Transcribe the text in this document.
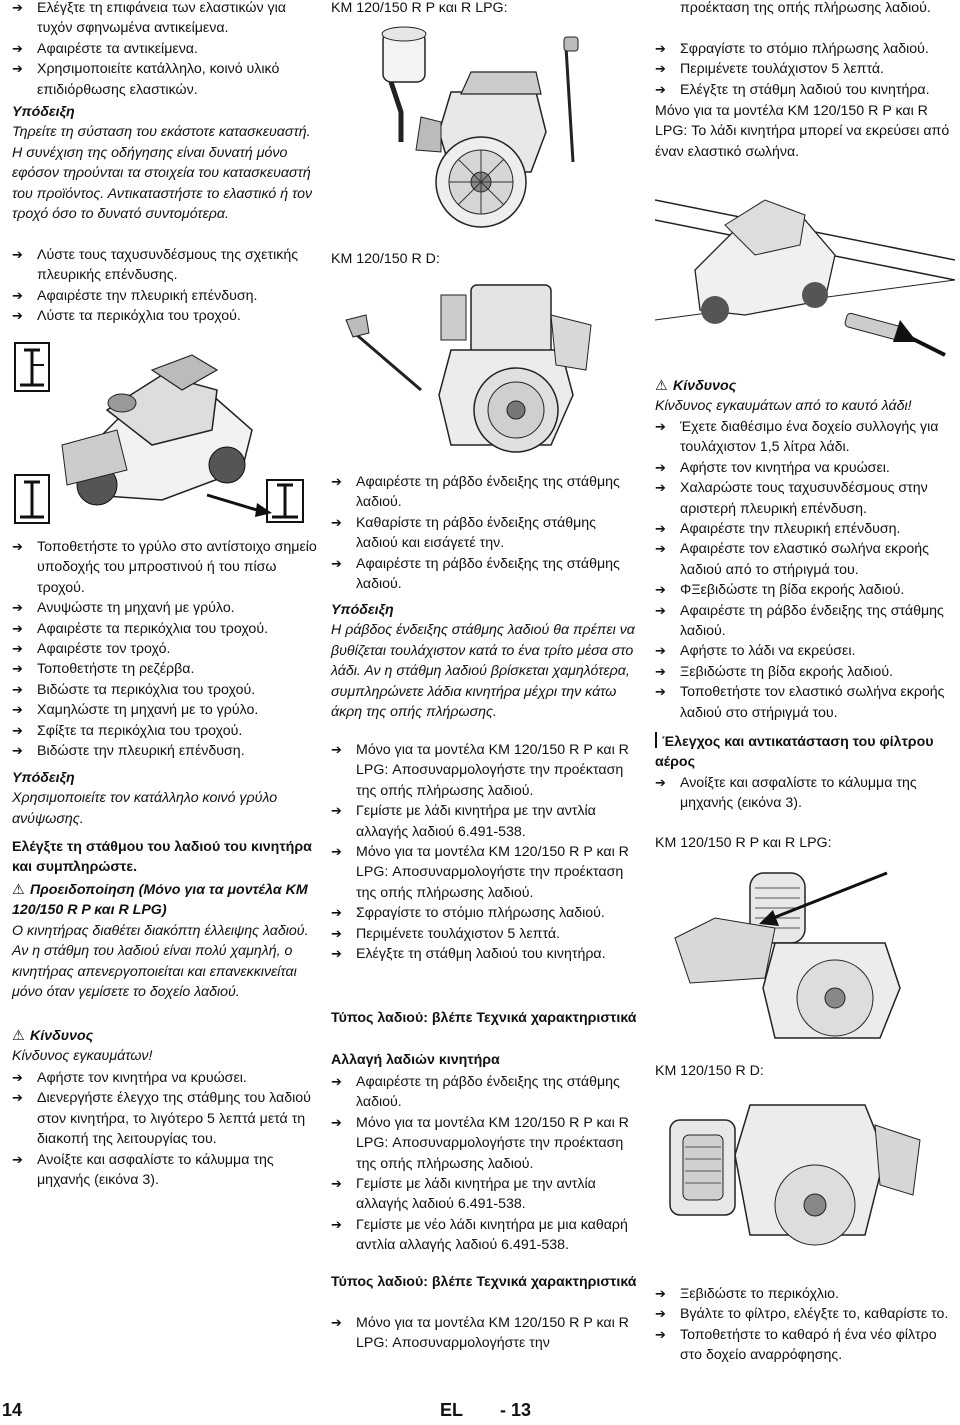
➔ Ελέγξτε τη επιφάνεια των ελαστικών για τυχόν σφηνωμένα αντικείμενα.

➔ Αφαιρέστε τα αντικείμενα.

➔ Χρησιμοποιείτε κατάλληλο, κοινό υλικό επιδιόρθωσης ελαστικών.

Υπόδειξη

Τηρείτε τη σύσταση του εκάστοτε κατασκευαστή. Η συνέχιση της οδήγησης είναι δυνατή μόνο εφόσον τηρούνται τα στοιχεία του κατασκευαστή του προϊόντος. Αντικαταστήστε το ελαστικό ή τον τροχό όσο το δυνατό συντομότερα.

➔ Λύστε τους ταχυσυνδέσμους της σχετικής πλευρικής επένδυσης.

➔ Αφαιρέστε την πλευρική επένδυση.

➔ Λύστε τα περικόχλια του τροχού.

➔ Τοποθετήστε το γρύλο στο αντίστοιχο σημείο υποδοχής του μπροστινού ή του πίσω τροχού.

➔ Ανυψώστε τη μηχανή με γρύλο.

➔ Αφαιρέστε τα περικόχλια του τροχού.

➔ Αφαιρέστε τον τροχό.

➔ Τοποθετήστε τη ρεζέρβα.

➔ Βιδώστε τα περικόχλια του τροχού.

➔ Χαμηλώστε τη μηχανή με το γρύλο.

➔ Σφίξτε τα περικόχλια του τροχού.

➔ Βιδώστε την πλευρική επένδυση.

Υπόδειξη

Χρησιμοποιείτε τον κατάλληλο κοινό γρύλο ανύψωσης.

Ελέγξτε τη στάθμου του λαδιού του κινητήρα και συμπληρώστε.

⚠ Προειδοποίηση (Μόνο για τα μοντέλα KM 120/150 R P και R LPG)

Ο κινητήρας διαθέτει διακόπτη έλλειψης λαδιού. Αν η στάθμη του λαδιού είναι πολύ χαμηλή, ο κινητήρας απενεργοποιείται και επανεκκινείται μόνο όταν γεμίσετε το δοχείο λαδιού.

⚠ Κίνδυνος

Κίνδυνος εγκαυμάτων!

➔ Αφήστε τον κινητήρα να κρυώσει.

➔ Διενεργήστε έλεγχο της στάθμης του λαδιού στον κινητήρα, το λιγότερο 5 λεπτά μετά τη διακοπή της λειτουργίας του.

➔ Ανοίξτε και ασφαλίστε το κάλυμμα της μηχανής (εικόνα 3).

KM 120/150 R P και R LPG:

KM 120/150 R D:

➔ Αφαιρέστε τη ράβδο ένδειξης της στάθμης λαδιού.

➔ Καθαρίστε τη ράβδο ένδειξης στάθμης λαδιού και εισάγετέ την.

➔ Αφαιρέστε τη ράβδο ένδειξης της στάθμης λαδιού.

Υπόδειξη

Η ράβδος ένδειξης στάθμης λαδιού θα πρέπει να βυθίζεται τουλάχιστον κατά το ένα τρίτο μέσα στο λάδι. Αν η στάθμη λαδιού βρίσκεται χαμηλότερα, συμπληρώνετε λάδια κινητήρα μέχρι την κάτω άκρη της οπής πλήρωσης.

➔ Μόνο για τα μοντέλα KM 120/150 R P και R LPG: Αποσυναρμολογήστε την προέκταση της οπής πλήρωσης λαδιού.

➔ Γεμίστε με λάδι κινητήρα με την αντλία αλλαγής λαδιού 6.491-538.

➔ Μόνο για τα μοντέλα KM 120/150 R P και R LPG: Αποσυναρμολογήστε την προέκταση της οπής πλήρωσης λαδιού.

➔ Σφραγίστε το στόμιο πλήρωσης λαδιού.

➔ Περιμένετε τουλάχιστον 5 λεπτά.

➔ Ελέγξτε τη στάθμη λαδιού του κινητήρα.

Τύπος λαδιού: βλέπε Τεχνικά χαρακτηριστικά

Αλλαγή λαδιών κινητήρα

➔ Αφαιρέστε τη ράβδο ένδειξης της στάθμης λαδιού.

➔ Μόνο για τα μοντέλα KM 120/150 R P και R LPG: Αποσυναρμολογήστε την προέκταση της οπής πλήρωσης λαδιού.

➔ Γεμίστε με λάδι κινητήρα με την αντλία αλλαγής λαδιού 6.491-538.

➔ Γεμίστε με νέο λάδι κινητήρα με μια καθαρή αντλία αλλαγής λαδιού 6.491-538.

Τύπος λαδιού: βλέπε Τεχνικά χαρακτηριστικά

➔ Μόνο για τα μοντέλα KM 120/150 R P και R LPG: Αποσυναρμολογήστε την

προέκταση της οπής πλήρωσης λαδιού.

➔ Σφραγίστε το στόμιο πλήρωσης λαδιού.

➔ Περιμένετε τουλάχιστον 5 λεπτά.

➔ Ελέγξτε τη στάθμη λαδιού του κινητήρα.

Μόνο για τα μοντέλα KM 120/150 R P και R LPG: Το λάδι κινητήρα μπορεί να εκρεύσει από έναν ελαστικό σωλήνα.

⚠ Κίνδυνος

Κίνδυνος εγκαυμάτων από το καυτό λάδι!

➔ Έχετε διαθέσιμο ένα δοχείο συλλογής για τουλάχιστον 1,5 λίτρα λάδι.

➔ Αφήστε τον κινητήρα να κρυώσει.

➔ Χαλαρώστε τους ταχυσυνδέσμους στην αριστερή πλευρική επένδυση.

➔ Αφαιρέστε την πλευρική επένδυση.

➔ Αφαιρέστε τον ελαστικό σωλήνα εκροής λαδιού από το στήριγμά του.

➔ ΦΞεβιδώστε τη βίδα εκροής λαδιού.

➔ Αφαιρέστε τη ράβδο ένδειξης της στάθμης λαδιού.

➔ Αφήστε το λάδι να εκρεύσει.

➔ Ξεβιδώστε τη βίδα εκροής λαδιού.

➔ Τοποθετήστε τον ελαστικό σωλήνα εκροής λαδιού στο στήριγμά του.

Έλεγχος και αντικατάσταση του φίλτρου αέρος

➔ Ανοίξτε και ασφαλίστε το κάλυμμα της μηχανής (εικόνα 3).

KM 120/150 R P και R LPG:

KM 120/150 R D:

➔ Ξεβιδώστε το περικόχλιο.

➔ Βγάλτε το φίλτρο, ελέγξτε το, καθαρίστε το.

➔ Τοποθετήστε το καθαρό ή ένα νέο φίλτρο στο δοχείο αναρρόφησης.

14	EL - 13
